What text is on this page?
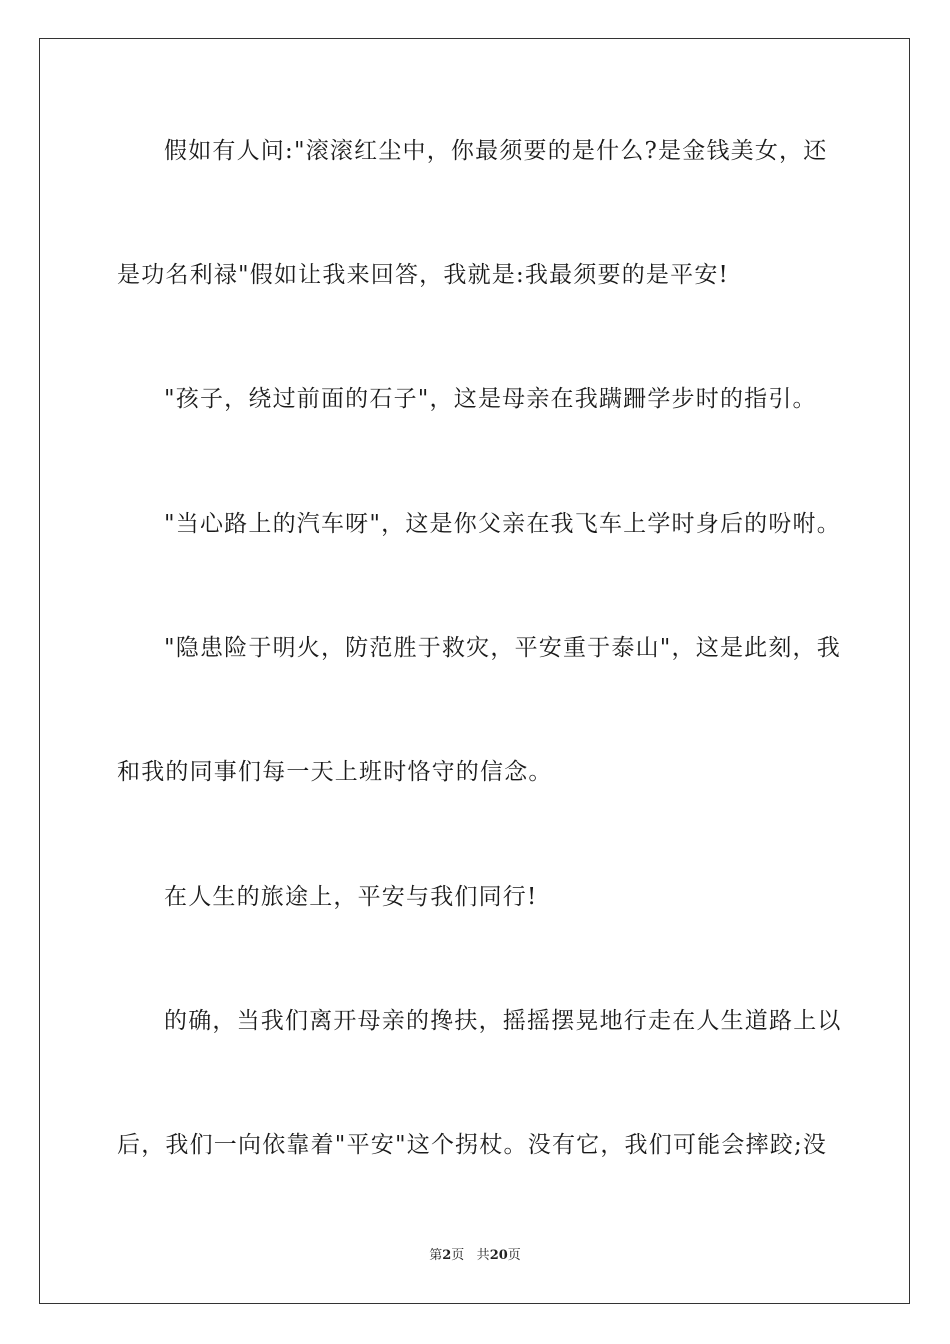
假如有人问:"滚滚红尘中，你最须要的是什么?是金钱美女，还
是功名利禄"假如让我来回答，我就是:我最须要的是平安!
"孩子，绕过前面的石子"，这是母亲在我蹒跚学步时的指引。
"当心路上的汽车呀"，这是你父亲在我飞车上学时身后的吩咐。
"隐患险于明火，防范胜于救灾，平安重于泰山"，这是此刻，我
和我的同事们每一天上班时恪守的信念。
在人生的旅途上，平安与我们同行!
的确，当我们离开母亲的搀扶，摇摇摆晃地行走在人生道路上以
后，我们一向依靠着"平安"这个拐杖。没有它，我们可能会摔跤;没
第2页 共20页
